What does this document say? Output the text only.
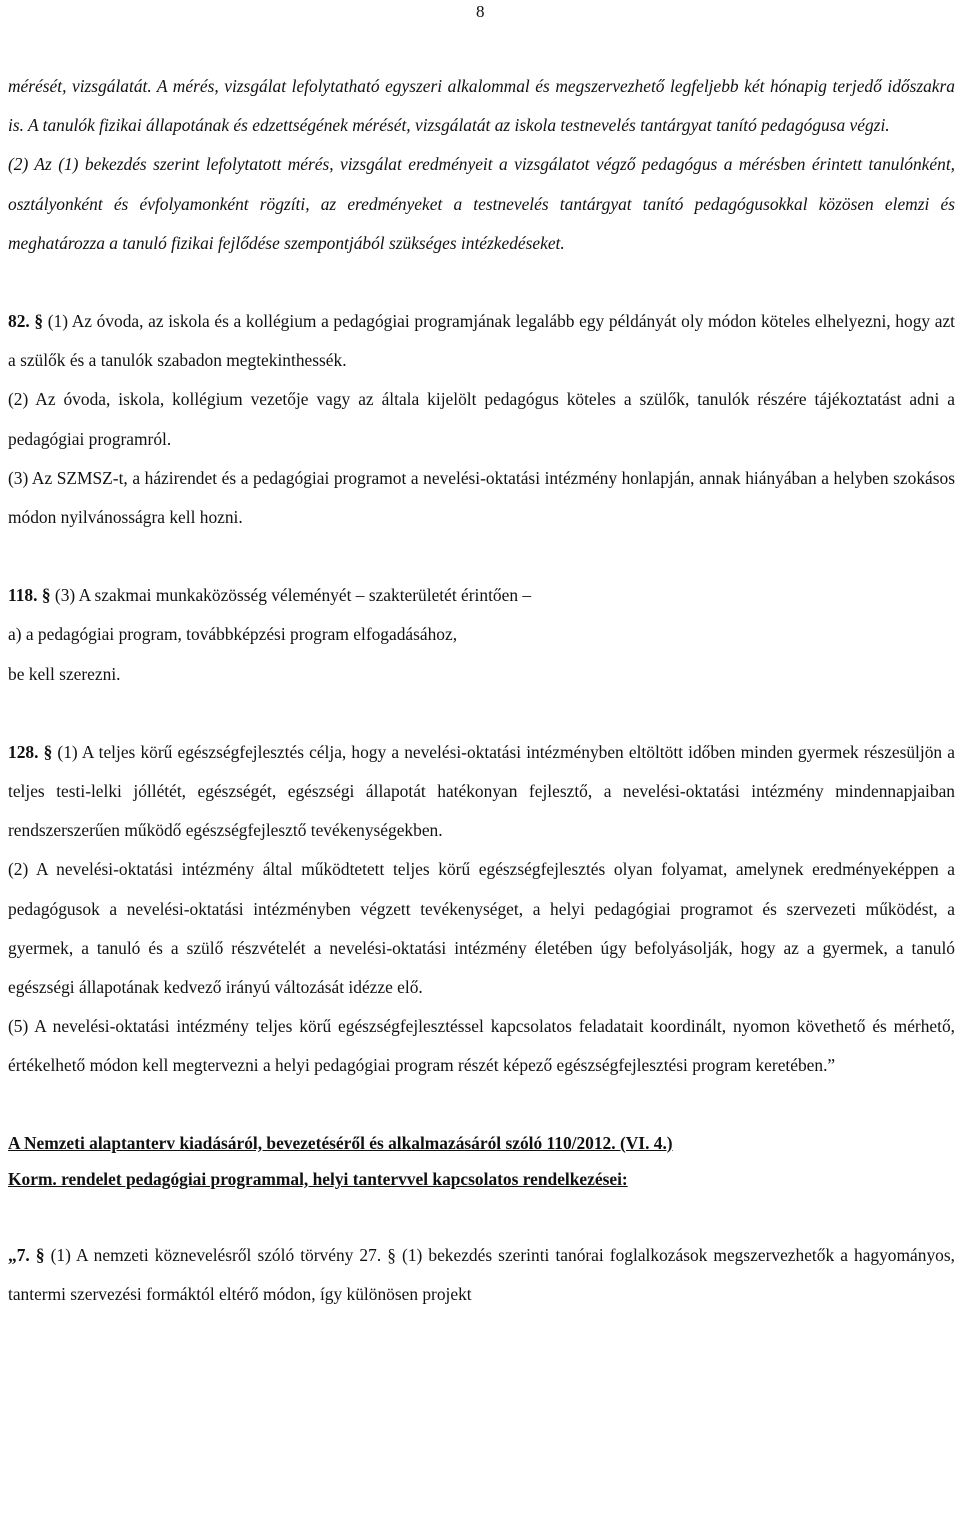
8

mérését, vizsgálatát. A mérés, vizsgálat lefolytatható egyszeri alkalommal és megszervezhető legfeljebb két hónapig terjedő időszakra is. A tanulók fizikai állapotának és edzettségének mérését, vizsgálatát az iskola testnevelés tantárgyat tanító pedagógusa végzi.

(2) Az (1) bekezdés szerint lefolytatott mérés, vizsgálat eredményeit a vizsgálatot végző pedagógus a mérésben érintett tanulónként, osztályonként és évfolyamonként rögzíti, az eredményeket a testnevelés tantárgyat tanító pedagógusokkal közösen elemzi és meghatározza a tanuló fizikai fejlődése szempontjából szükséges intézkedéseket.

82. § (1) Az óvoda, az iskola és a kollégium a pedagógiai programjának legalább egy példányát oly módon köteles elhelyezni, hogy azt a szülők és a tanulók szabadon megtekinthessék.

(2) Az óvoda, iskola, kollégium vezetője vagy az általa kijelölt pedagógus köteles a szülők, tanulók részére tájékoztatást adni a pedagógiai programról.

(3) Az SZMSZ-t, a házirendet és a pedagógiai programot a nevelési-oktatási intézmény honlapján, annak hiányában a helyben szokásos módon nyilvánosságra kell hozni.

118. § (3) A szakmai munkaközösség véleményét – szakterületét érintően –

a) a pedagógiai program, továbbképzési program elfogadásához,

be kell szerezni.

128. § (1) A teljes körű egészségfejlesztés célja, hogy a nevelési-oktatási intézményben eltöltött időben minden gyermek részesüljön a teljes testi-lelki jóllétét, egészségét, egészségi állapotát hatékonyan fejlesztő, a nevelési-oktatási intézmény mindennapjaiban rendszerszerűen működő egészségfejlesztő tevékenységekben.

(2) A nevelési-oktatási intézmény által működtetett teljes körű egészségfejlesztés olyan folyamat, amelynek eredményeképpen a pedagógusok a nevelési-oktatási intézményben végzett tevékenységet, a helyi pedagógiai programot és szervezeti működést, a gyermek, a tanuló és a szülő részvételét a nevelési-oktatási intézmény életében úgy befolyásolják, hogy az a gyermek, a tanuló egészségi állapotának kedvező irányú változását idézze elő.

(5) A nevelési-oktatási intézmény teljes körű egészségfejlesztéssel kapcsolatos feladatait koordinált, nyomon követhető és mérhető, értékelhető módon kell megtervezni a helyi pedagógiai program részét képező egészségfejlesztési program keretében.”

A Nemzeti alaptanterv kiadásáról, bevezetéséről és alkalmazásáról szóló 110/2012. (VI. 4.)

Korm. rendelet pedagógiai programmal, helyi tantervvel kapcsolatos rendelkezései:

„7. § (1) A nemzeti köznevelésről szóló törvény 27. § (1) bekezdés szerinti tanórai foglalkozások megszervezhetők a hagyományos, tantermi szervezési formáktól eltérő módon, így különösen projekt
